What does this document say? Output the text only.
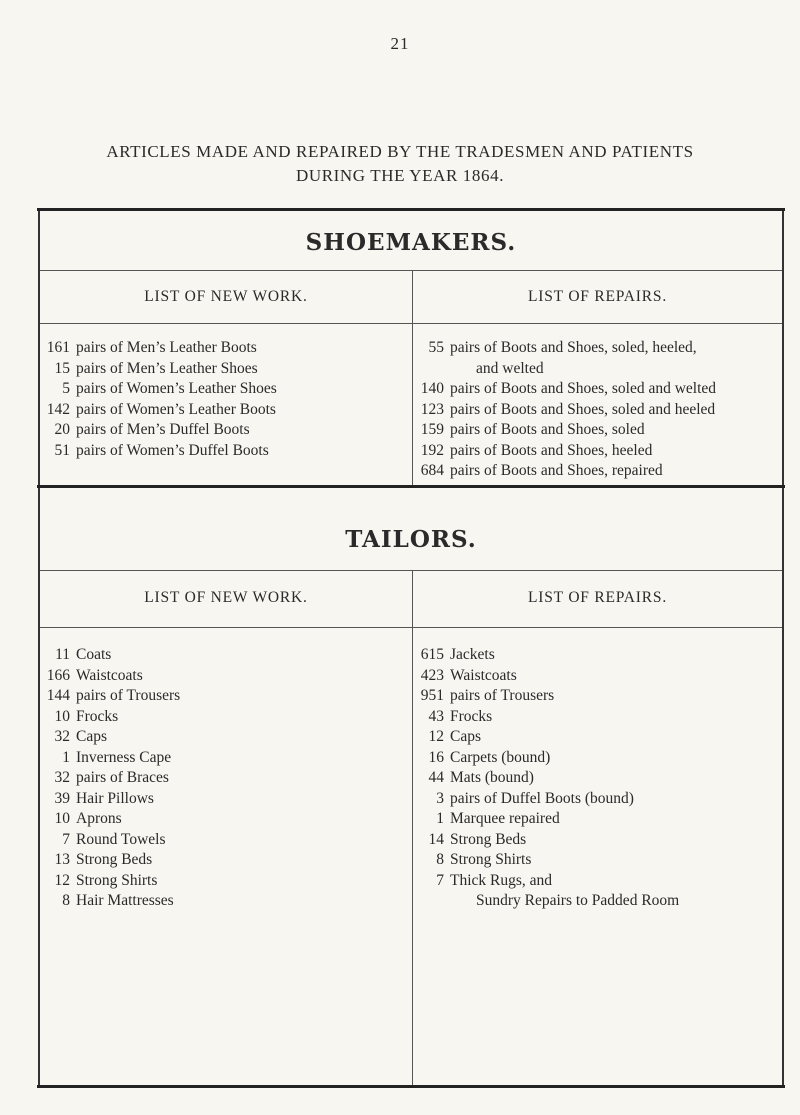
21
ARTICLES MADE AND REPAIRED BY THE TRADESMEN AND PATIENTS
DURING THE YEAR 1864.
SHOEMAKERS.
LIST OF NEW WORK.	LIST OF REPAIRS.
161 pairs of Men’s Leather Boots
15 pairs of Men’s Leather Shoes
5 pairs of Women’s Leather Shoes
142 pairs of Women’s Leather Boots
20 pairs of Men’s Duffel Boots
51 pairs of Women’s Duffel Boots
55 pairs of Boots and Shoes, soled, heeled,
and welted
140 pairs of Boots and Shoes, soled and welted
123 pairs of Boots and Shoes, soled and heeled
159 pairs of Boots and Shoes, soled
192 pairs of Boots and Shoes, heeled
684 pairs of Boots and Shoes, repaired
TAILORS.
LIST OF NEW WORK.	LIST OF REPAIRS.
11 Coats
166 Waistcoats
144 pairs of Trousers
10 Frocks
32 Caps
1 Inverness Cape
32 pairs of Braces
39 Hair Pillows
10 Aprons
7 Round Towels
13 Strong Beds
12 Strong Shirts
8 Hair Mattresses
615 Jackets
423 Waistcoats
951 pairs of Trousers
43 Frocks
12 Caps
16 Carpets (bound)
44 Mats (bound)
3 pairs of Duffel Boots (bound)
1 Marquee repaired
14 Strong Beds
8 Strong Shirts
7 Thick Rugs, and
Sundry Repairs to Padded Room
